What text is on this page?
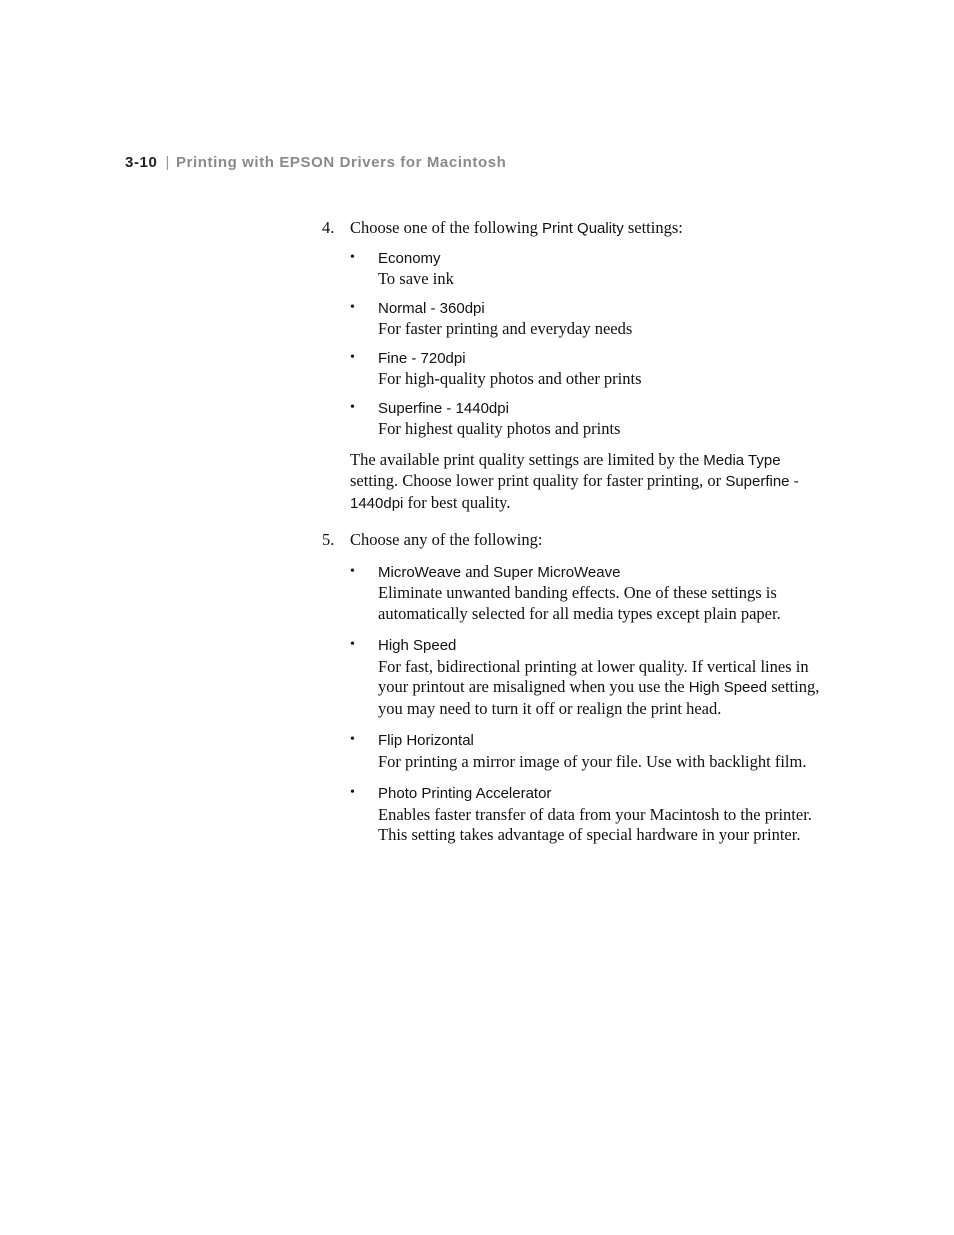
3-10 | Printing with EPSON Drivers for Macintosh
4. Choose one of the following Print Quality settings:
• Economy
To save ink
• Normal - 360dpi
For faster printing and everyday needs
• Fine - 720dpi
For high-quality photos and other prints
• Superfine - 1440dpi
For highest quality photos and prints

The available print quality settings are limited by the Media Type setting. Choose lower print quality for faster printing, or Superfine - 1440dpi for best quality.

5. Choose any of the following:
• MicroWeave and Super MicroWeave
Eliminate unwanted banding effects. One of these settings is automatically selected for all media types except plain paper.
• High Speed
For fast, bidirectional printing at lower quality. If vertical lines in your printout are misaligned when you use the High Speed setting, you may need to turn it off or realign the print head.
• Flip Horizontal
For printing a mirror image of your file. Use with backlight film.
• Photo Printing Accelerator
Enables faster transfer of data from your Macintosh to the printer. This setting takes advantage of special hardware in your printer.
